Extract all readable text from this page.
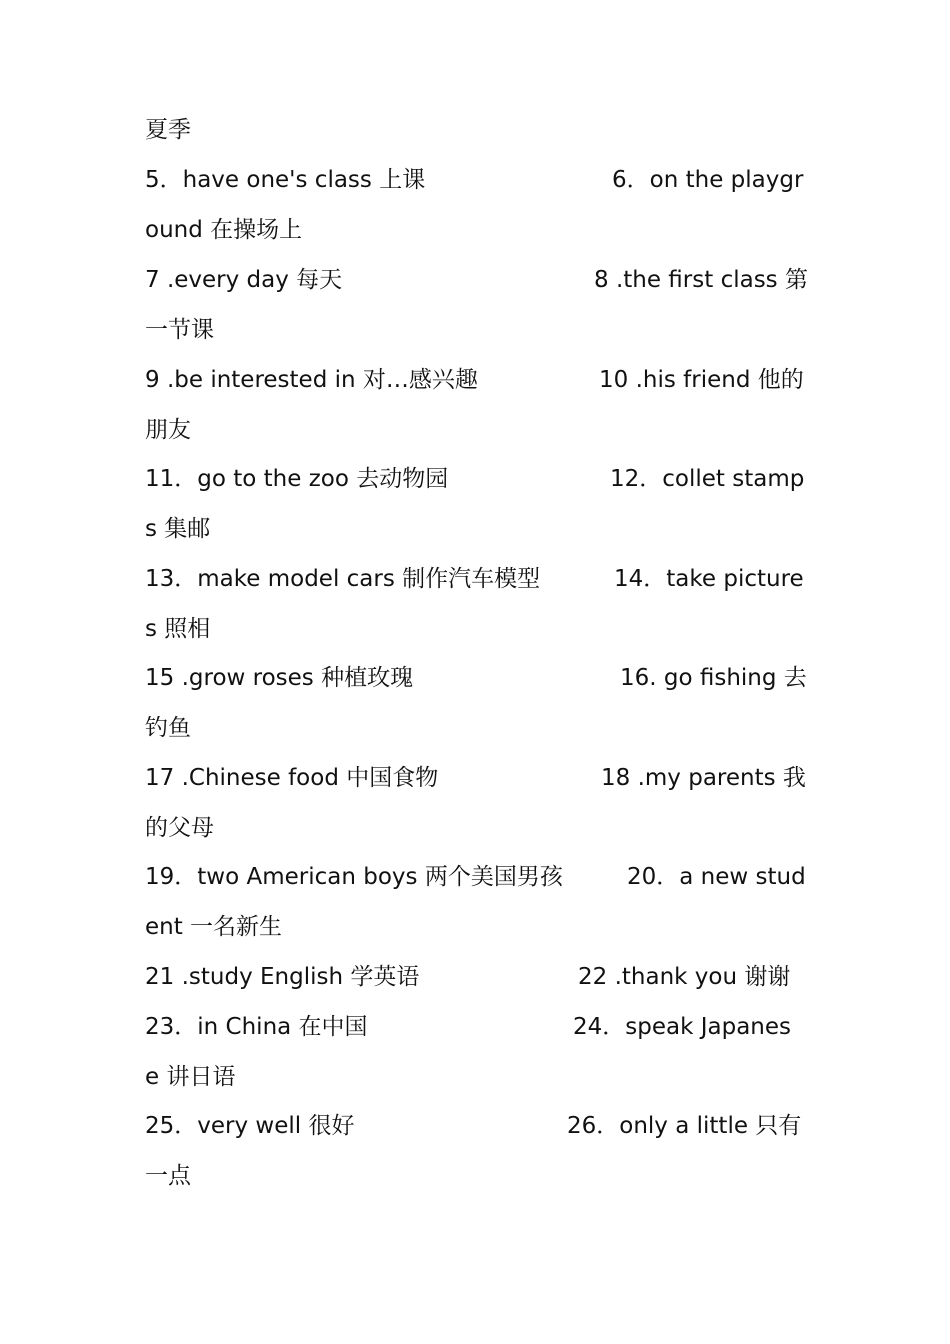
夏季
5．have one's class 上课	6．on the playgr
ound 在操场上
7 .every day 每天	8 .the first class 第
一节课
9 .be interested in 对…感兴趣	10 .his friend 他的
朋友
11．go to the zoo 去动物园	12．collet stamp
s 集邮
13．make model cars 制作汽车模型	14．take picture
s 照相
15 .grow roses 种植玫瑰	16. go fishing 去
钓鱼
17 .Chinese food 中国食物	18 .my parents 我
的父母
19．two American boys 两个美国男孩	20．a new stud
ent 一名新生
21 .study English 学英语	22 .thank you 谢谢
23．in China 在中国	24．speak Japanes
e 讲日语
25．very well 很好	26．only a little 只有
一点
